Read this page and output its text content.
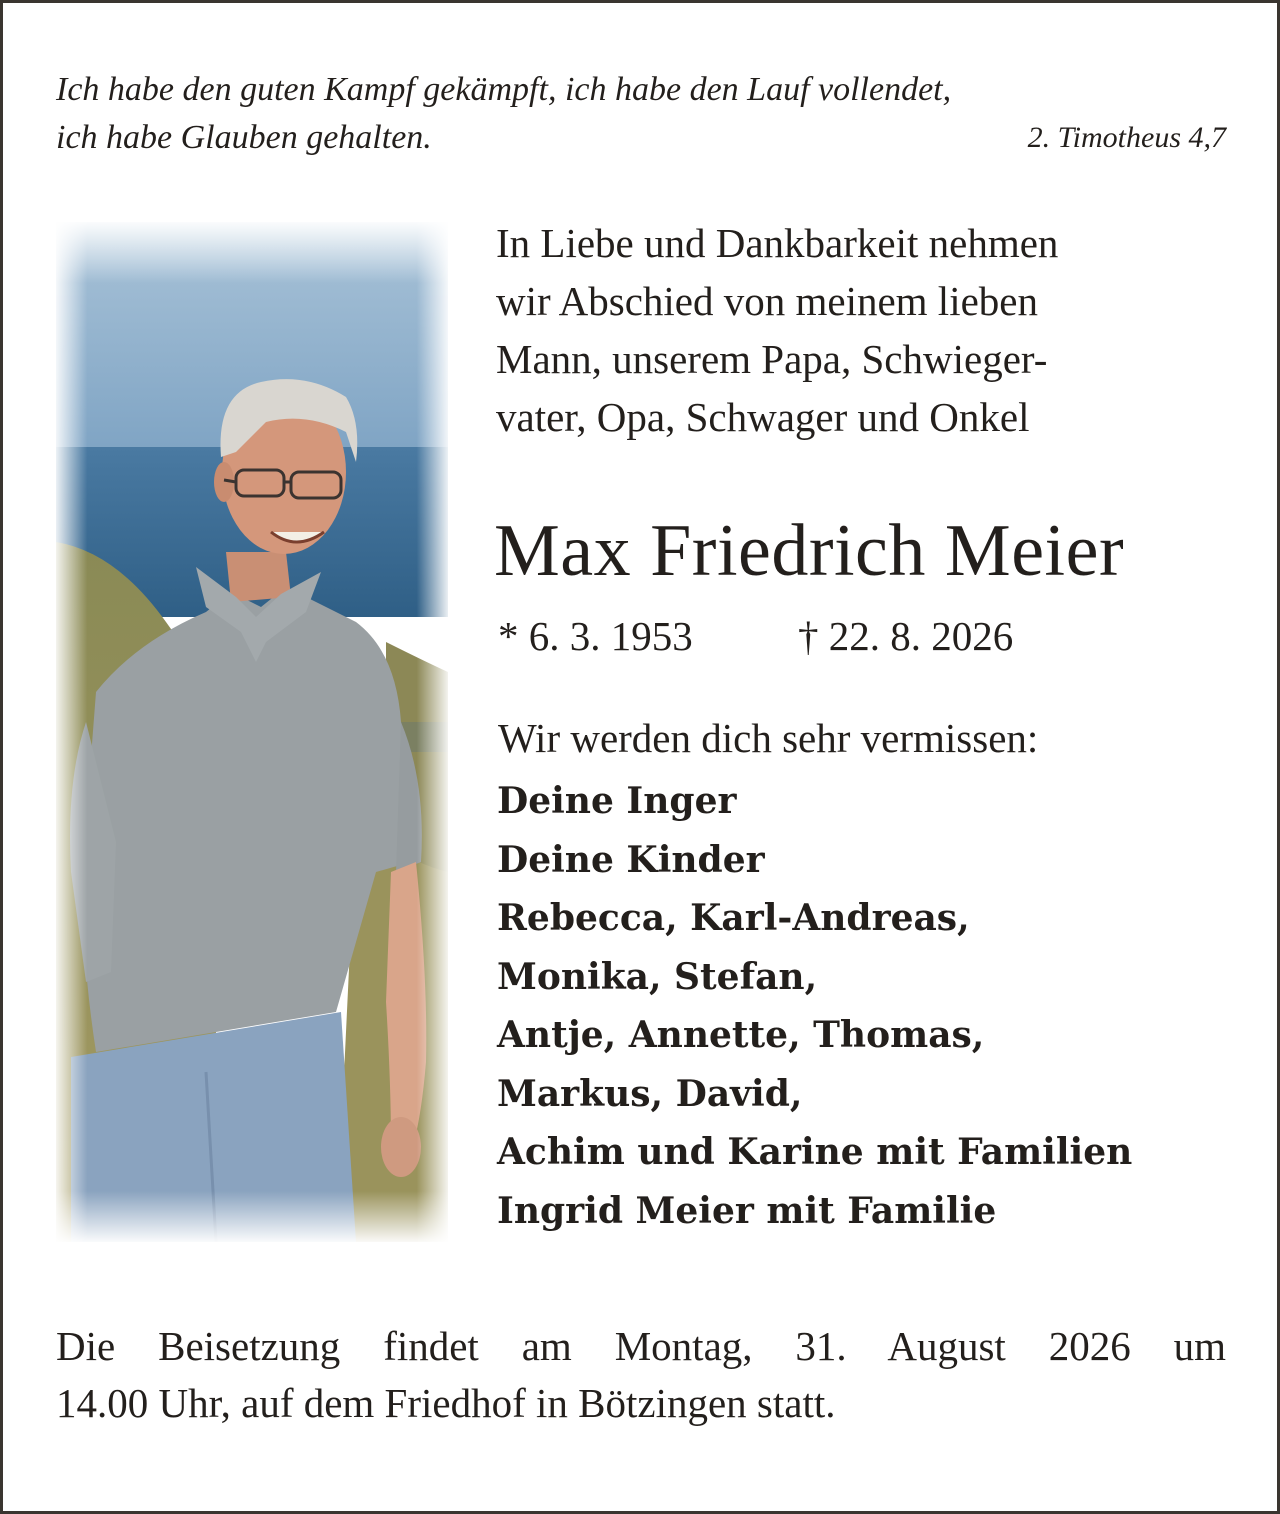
Ich habe den guten Kampf gekämpft, ich habe den Lauf vollendet,
ich habe Glauben gehalten.	2. Timotheus 4,7
In Liebe und Dankbarkeit nehmen
wir Abschied von meinem lieben
Mann, unserem Papa, Schwieger-
vater, Opa, Schwager und Onkel
Max Friedrich Meier
* 6. 3. 1953	† 22. 8. 2026
Wir werden dich sehr vermissen:
Deine Inger
Deine Kinder
Rebecca, Karl-Andreas,
Monika, Stefan,
Antje, Annette, Thomas,
Markus, David,
Achim und Karine mit Familien
Ingrid Meier mit Familie
Die Beisetzung findet am Montag, 31. August 2026 um
14.00 Uhr, auf dem Friedhof in Bötzingen statt.
